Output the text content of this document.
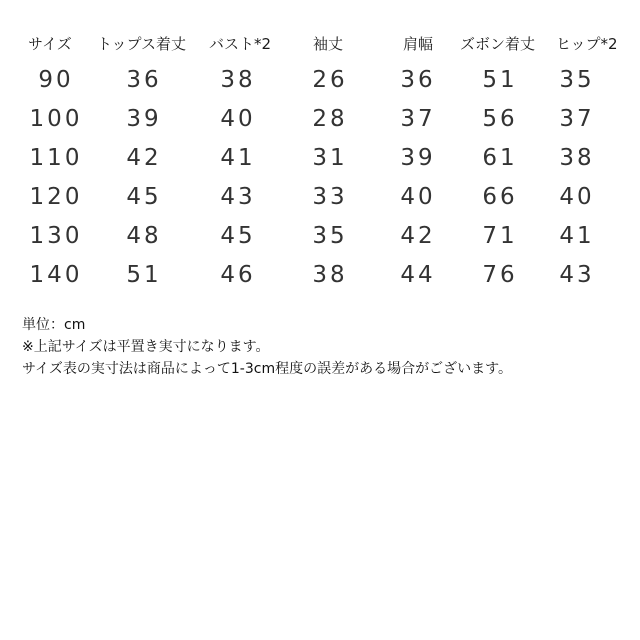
サイズ トップス着丈 バスト*2	袖丈	肩幅 ズボン着丈 ヒップ*2
90 36	38 26 36 51 35
100 39	40 28 37 56 37
110 42	41 31 39 61 38
120 45	43 33 40 66 40
130 48	45 35 42 71 41
140 51	46 38 44 76 43
単位：cm
※上記サイズは平置き実寸になります。
サイズ表の実寸法は商品によって1-3cm程度の誤差がある場合がございます。
